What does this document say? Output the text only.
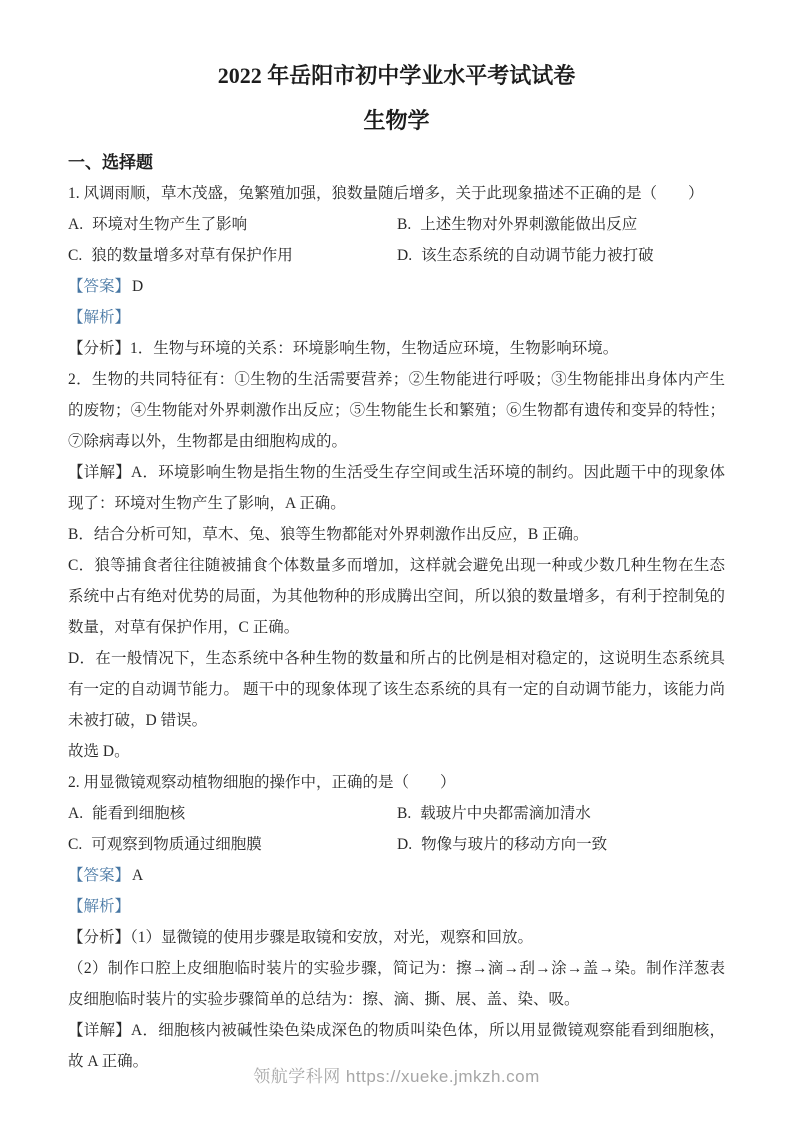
2022 年岳阳市初中学业水平考试试卷
生物学
一、选择题

1. 风调雨顺，草木茂盛，兔繁殖加强，狼数量随后增多，关于此现象描述不正确的是（　　）

A. 环境对生物产生了影响	B. 上述生物对外界刺激能做出反应
C. 狼的数量增多对草有保护作用	D. 该生态系统的自动调节能力被打破

【答案】 D

【解析】

【分析】1．生物与环境的关系：环境影响生物，生物适应环境，生物影响环境。

2．生物的共同特征有：①生物的生活需要营养；②生物能进行呼吸；③生物能排出身体内产生的废物；④生物能对外界刺激作出反应；⑤生物能生长和繁殖；⑥生物都有遗传和变异的特性；⑦除病毒以外，生物都是由细胞构成的。

【详解】A．环境影响生物是指生物的生活受生存空间或生活环境的制约。因此题干中的现象体现了：环境对生物产生了影响，A 正确。

B．结合分析可知，草木、兔、狼等生物都能对外界刺激作出反应，B 正确。

C．狼等捕食者往往随被捕食个体数量多而增加，这样就会避免出现一种或少数几种生物在生态系统中占有绝对优势的局面，为其他物种的形成腾出空间，所以狼的数量增多，有利于控制兔的数量，对草有保护作用，C 正确。

D．在一般情况下，生态系统中各种生物的数量和所占的比例是相对稳定的，这说明生态系统具有一定的自动调节能力。 题干中的现象体现了该生态系统的具有一定的自动调节能力，该能力尚未被打破，D 错误。

故选 D。

2. 用显微镜观察动植物细胞的操作中，正确的是（　　）

A. 能看到细胞核	B. 载玻片中央都需滴加清水
C. 可观察到物质通过细胞膜	D. 物像与玻片的移动方向一致

【答案】 A

【解析】

【分析】（1）显微镜的使用步骤是取镜和安放，对光，观察和回放。

（2）制作口腔上皮细胞临时装片的实验步骤，简记为：擦→滴→刮→涂→盖→染。制作洋葱表皮细胞临时装片的实验步骤简单的总结为：擦、滴、撕、展、盖、染、吸。

【详解】A．细胞核内被碱性染色染成深色的物质叫染色体，所以用显微镜观察能看到细胞核，故 A 正确。

领航学科网 https://xueke.jmkzh.com
